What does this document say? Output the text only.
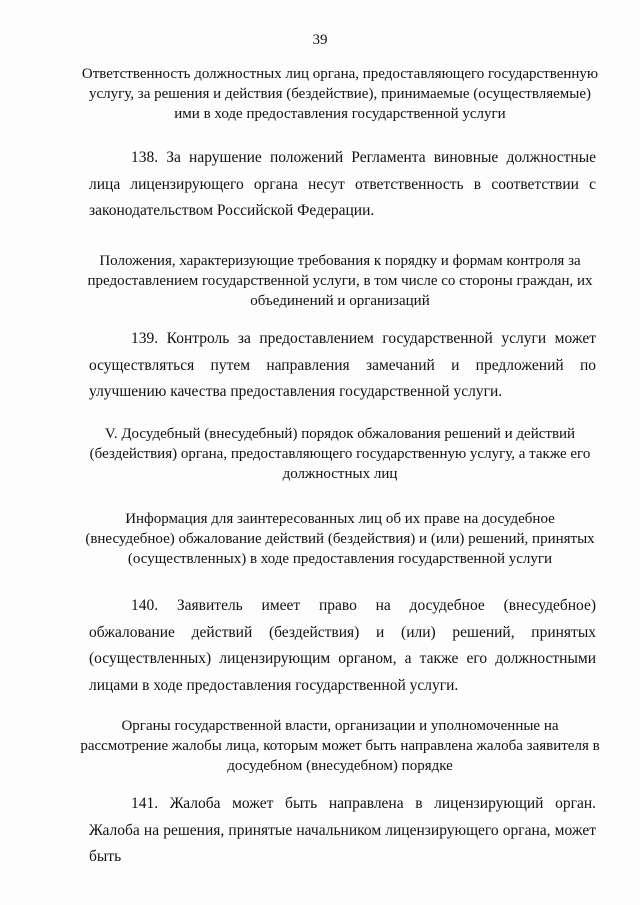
39
Ответственность должностных лиц органа, предоставляющего государственную услугу, за решения и действия (бездействие), принимаемые (осуществляемые) ими в ходе предоставления государственной услуги
138. За нарушение положений Регламента виновные должностные лица лицензирующего органа несут ответственность в соответствии с законодательством Российской Федерации.
Положения, характеризующие требования к порядку и формам контроля за предоставлением государственной услуги, в том числе со стороны граждан, их объединений и организаций
139. Контроль за предоставлением государственной услуги может осуществляться путем направления замечаний и предложений по улучшению качества предоставления государственной услуги.
V. Досудебный (внесудебный) порядок обжалования решений и действий (бездействия) органа, предоставляющего государственную услугу, а также его должностных лиц
Информация для заинтересованных лиц об их праве на досудебное (внесудебное) обжалование действий (бездействия) и (или) решений, принятых (осуществленных) в ходе предоставления государственной услуги
140. Заявитель имеет право на досудебное (внесудебное) обжалование действий (бездействия) и (или) решений, принятых (осуществленных) лицензирующим органом, а также его должностными лицами в ходе предоставления государственной услуги.
Органы государственной власти, организации и уполномоченные на рассмотрение жалобы лица, которым может быть направлена жалоба заявителя в досудебном (внесудебном) порядке
141. Жалоба может быть направлена в лицензирующий орган. Жалоба на решения, принятые начальником лицензирующего органа, может быть
